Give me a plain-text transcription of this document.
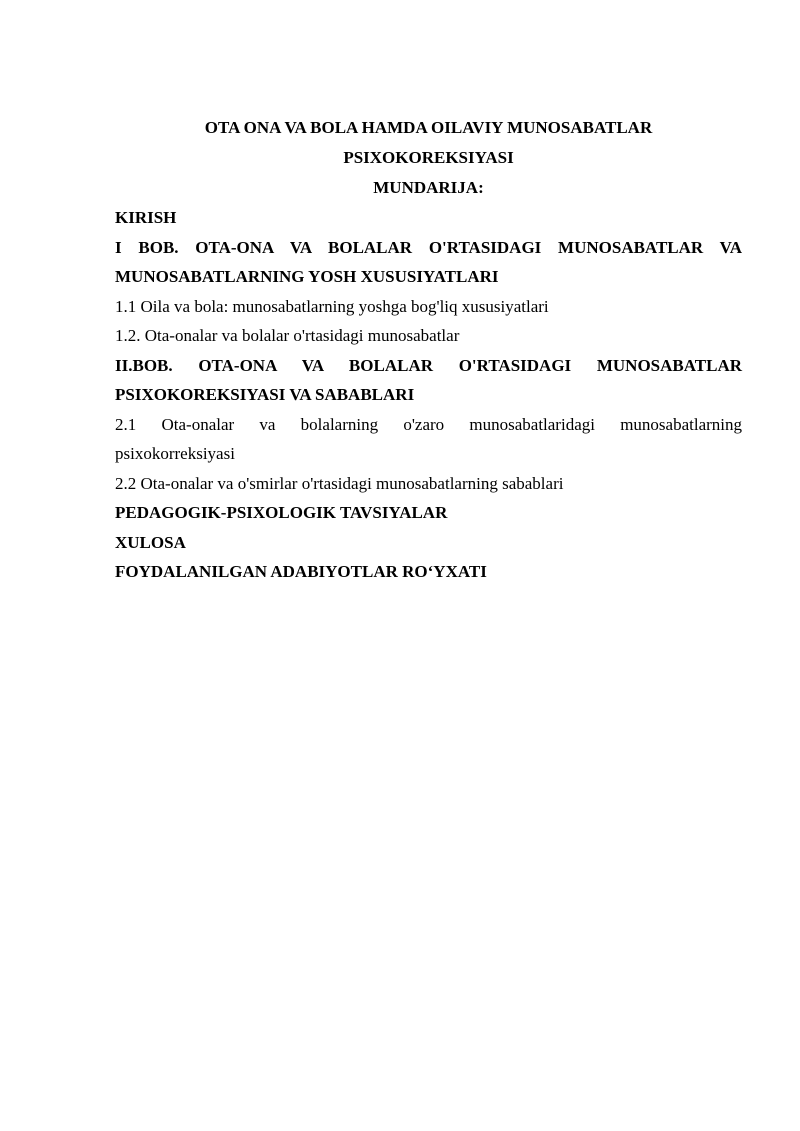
OTA ONA VA BOLA HAMDA OILAVIY MUNOSABATLAR

PSIXOKOREKSIYASI

MUNDARIJA:

KIRISH

I BOB. OTA-ONA VA BOLALAR O'RTASIDAGI MUNOSABATLAR VA
MUNOSABATLARNING YOSH XUSUSIYATLARI

1.1 Oila va bola: munosabatlarning yoshga bog'liq xususiyatlari

1.2. Ota-onalar va bolalar o'rtasidagi munosabatlar

II.BOB. OTA-ONA VA BOLALAR O'RTASIDAGI MUNOSABATLAR
PSIXOKOREKSIYASI VA SABABLARI
2.1 Ota-onalar va bolalarning o'zaro munosabatlaridagi munosabatlarning
psixokorreksiyasi

2.2 Ota-onalar va o'smirlar o'rtasidagi munosabatlarning sabablari

PEDAGOGIK-PSIXOLOGIK TAVSIYALAR

XULOSA

FOYDALANILGAN ADABIYOTLAR RO‘YXATI
